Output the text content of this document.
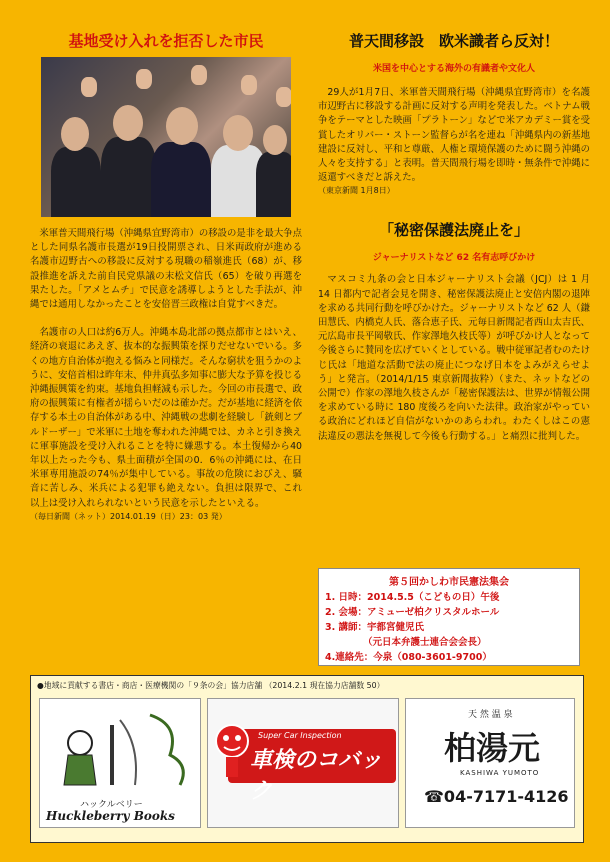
基地受け入れを拒否した市民

米軍普天間飛行場（沖縄県宜野湾市）の移設の是非を最大争点とした同県名護市長選が19日投開票され、日米両政府が進める名護市辺野古への移設に反対する現職の稲嶺進氏（68）が、移設推進を訴えた前自民党県議の末松文信氏（65）を破り再選を果たした。「アメとムチ」で民意を誘導しようとした手法が、沖縄では通用しなかったことを安倍晋三政権は自覚すべきだ。

名護市の人口は約6万人。沖縄本島北部の拠点都市とはいえ、経済の衰退にあえぎ、抜本的な振興策を探りだせないでいる。多くの地方自治体が抱える悩みと同様だ。そんな窮状を狙うかのように、安倍首相は昨年末、仲井真弘多知事に膨大な予算を投じる沖縄振興策を約束。基地負担軽減も示した。今回の市長選で、政府の振興策に有権者が揺らいだのは確かだ。だが基地に経済を依存する本土の自治体がある中、沖縄戦の悲劇を経験し「銃剣とブルドーザー」で米軍に土地を奪われた沖縄では、カネと引き換えに軍事施設を受け入れることを特に嫌悪する。本土復帰から40年以上たった今も、県土面積が全国の0．6％の沖縄には、在日米軍専用施設の74％が集中している。事故の危険におびえ、騒音に苦しみ、米兵による犯罪も絶えない。負担は限界で、これ以上は受け入れられないという民意を示したといえる。

（毎日新聞（ネット）2014.01.19（日）23：03 発）

普天間移設　欧米識者ら反対！
米国を中心とする海外の有識者や文化人

29人が1月7日、米軍普天間飛行場（沖縄県宜野湾市）を名護市辺野古に移設する計画に反対する声明を発表した。ベトナム戦争をテーマとした映画「プラトーン」などで米アカデミー賞を受賞したオリバー・ストーン監督らが名を連ね「沖縄県内の新基地建設に反対し、平和と尊厳、人権と環境保護のために闘う沖縄の人々を支持する」と表明。普天間飛行場を即時・無条件で沖縄に返還すべきだと訴えた。

（東京新聞 1月8日）

「秘密保護法廃止を」
ジャーナリストなど 62 名有志呼びかけ

マスコミ九条の会と日本ジャーナリスト会議（JCJ）は 1 月 14 日都内で記者会見を開き、秘密保護法廃止と安倍内閣の退陣を求める共同行動を呼びかけた。ジャーナリストなど 62 人（鎌田慧氏、内橋克人氏、落合恵子氏、元毎日新聞記者西山太吉氏、元広島市長平岡敬氏、作家澤地久枝氏等）が呼びかけ人となって今後さらに賛同を広げていくとしている。戦中従軍記者むのたけじ氏は「地道な活動で法の廃止につなげ日本をよみがえらせよう」と発言。（2014/1/15 東京新聞抜粋）（また、ネットなどの公開で）作家の澤地久枝さんが「秘密保護法は、世界が情報公開を求めている時に 180 度後ろを向いた法律。政治家がやっている政治にどれほど自信がないかのあらわれ。わたくしはこの憲法違反の悪法を無視して今後も行動する。」と痛烈に批判した。

第５回かしわ市民憲法集会
1. 日時：2014.5.5（こどもの日）午後
2. 会場：アミューゼ柏クリスタルホール
3. 講師：宇都宮健児氏
（元日本弁護士連合会会長）
4.連絡先：今泉（080-3601-9700）
●地域に貢献する書店・商店・医療機関の「９条の会」協力店舗 （2014.2.1 現在協力店舗数 50）
ハックルベリー
Huckleberry Books
Super Car Inspection
車検のコバック
天 然 温 泉
柏湯元
KASHIWA YUMOTO
☎04-7171-4126
